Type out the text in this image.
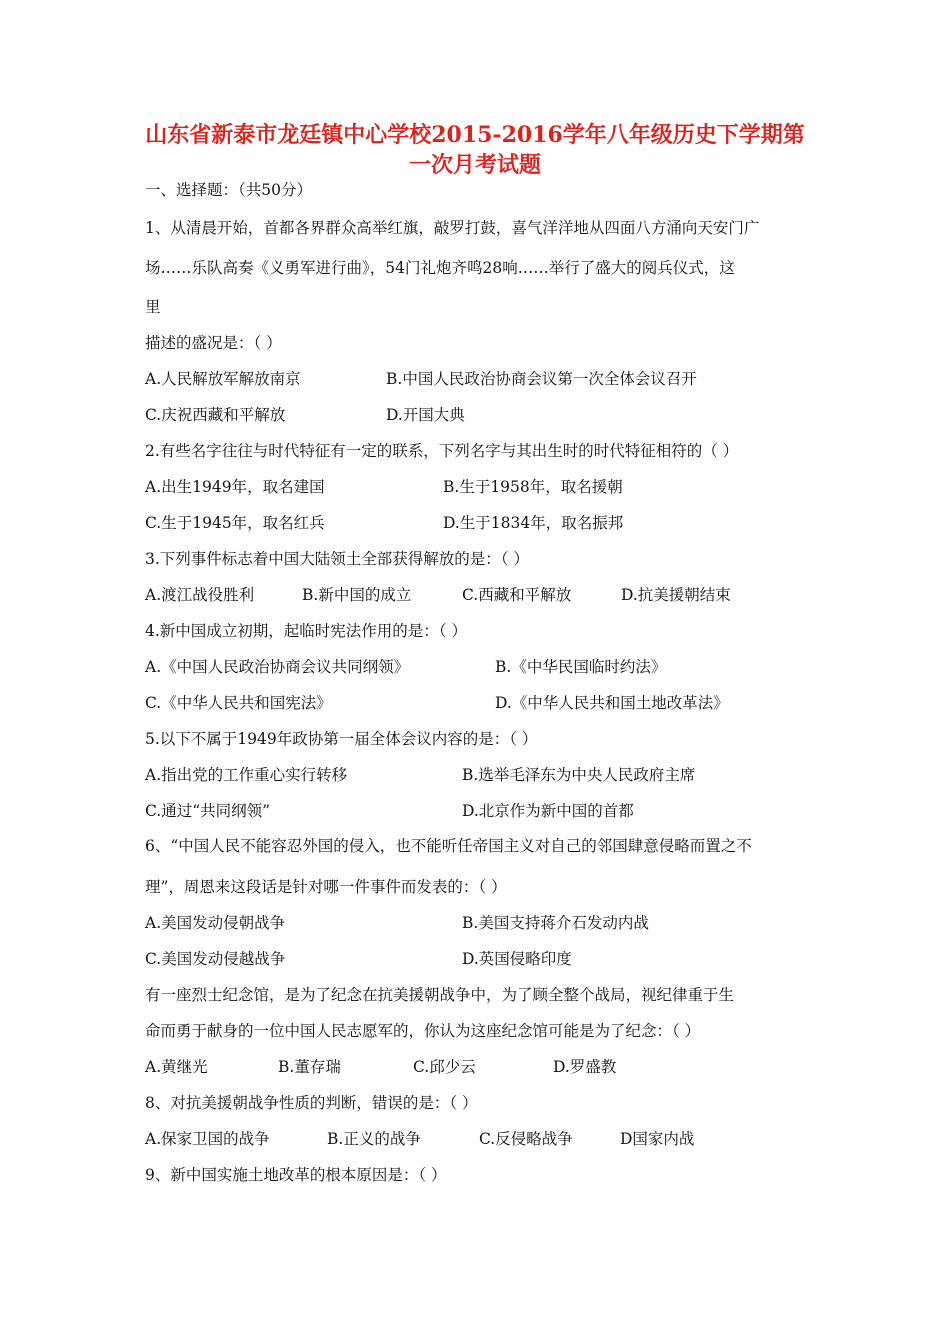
山东省新泰市龙廷镇中心学校2015-2016学年八年级历史下学期第
一次月考试题
一、选择题：（共50分）
1、从清晨开始，首都各界群众高举红旗，敲罗打鼓，喜气洋洋地从四面八方涌向天安门广
场……乐队高奏《义勇军进行曲》，54门礼炮齐鸣28响……举行了盛大的阅兵仪式，这
里
描述的盛况是：（ ）
A.人民解放军解放南京	B.中国人民政治协商会议第一次全体会议召开
C.庆祝西藏和平解放	D.开国大典
2.有些名字往往与时代特征有一定的联系，下列名字与其出生时的时代特征相符的（ ）
A.出生1949年，取名建国	B.生于1958年，取名援朝
C.生于1945年，取名红兵	D.生于1834年，取名振邦
3.下列事件标志着中国大陆领土全部获得解放的是：（ ）
A.渡江战役胜利	B.新中国的成立	C.西藏和平解放	D.抗美援朝结束
4.新中国成立初期，起临时宪法作用的是：（ ）
A.《中国人民政治协商会议共同纲领》	B.《中华民国临时约法》
C.《中华人民共和国宪法》	D.《中华人民共和国土地改革法》
5.以下不属于1949年政协第一届全体会议内容的是：（ ）
A.指出党的工作重心实行转移	B.选举毛泽东为中央人民政府主席
C.通过“共同纲领”	D.北京作为新中国的首都
6、“中国人民不能容忍外国的侵入，也不能听任帝国主义对自己的邻国肆意侵略而置之不
理”，周恩来这段话是针对哪一件事件而发表的：（ ）
A.美国发动侵朝战争	B.美国支持蒋介石发动内战
C.美国发动侵越战争	D.英国侵略印度
有一座烈士纪念馆，是为了纪念在抗美援朝战争中，为了顾全整个战局，视纪律重于生
命而勇于献身的一位中国人民志愿军的，你认为这座纪念馆可能是为了纪念：（ ）
A.黄继光	B.董存瑞	C.邱少云	D.罗盛教
8、对抗美援朝战争性质的判断，错误的是：（ ）
A.保家卫国的战争	B.正义的战争	C.反侵略战争	D国家内战
9、新中国实施土地改革的根本原因是：（ ）
